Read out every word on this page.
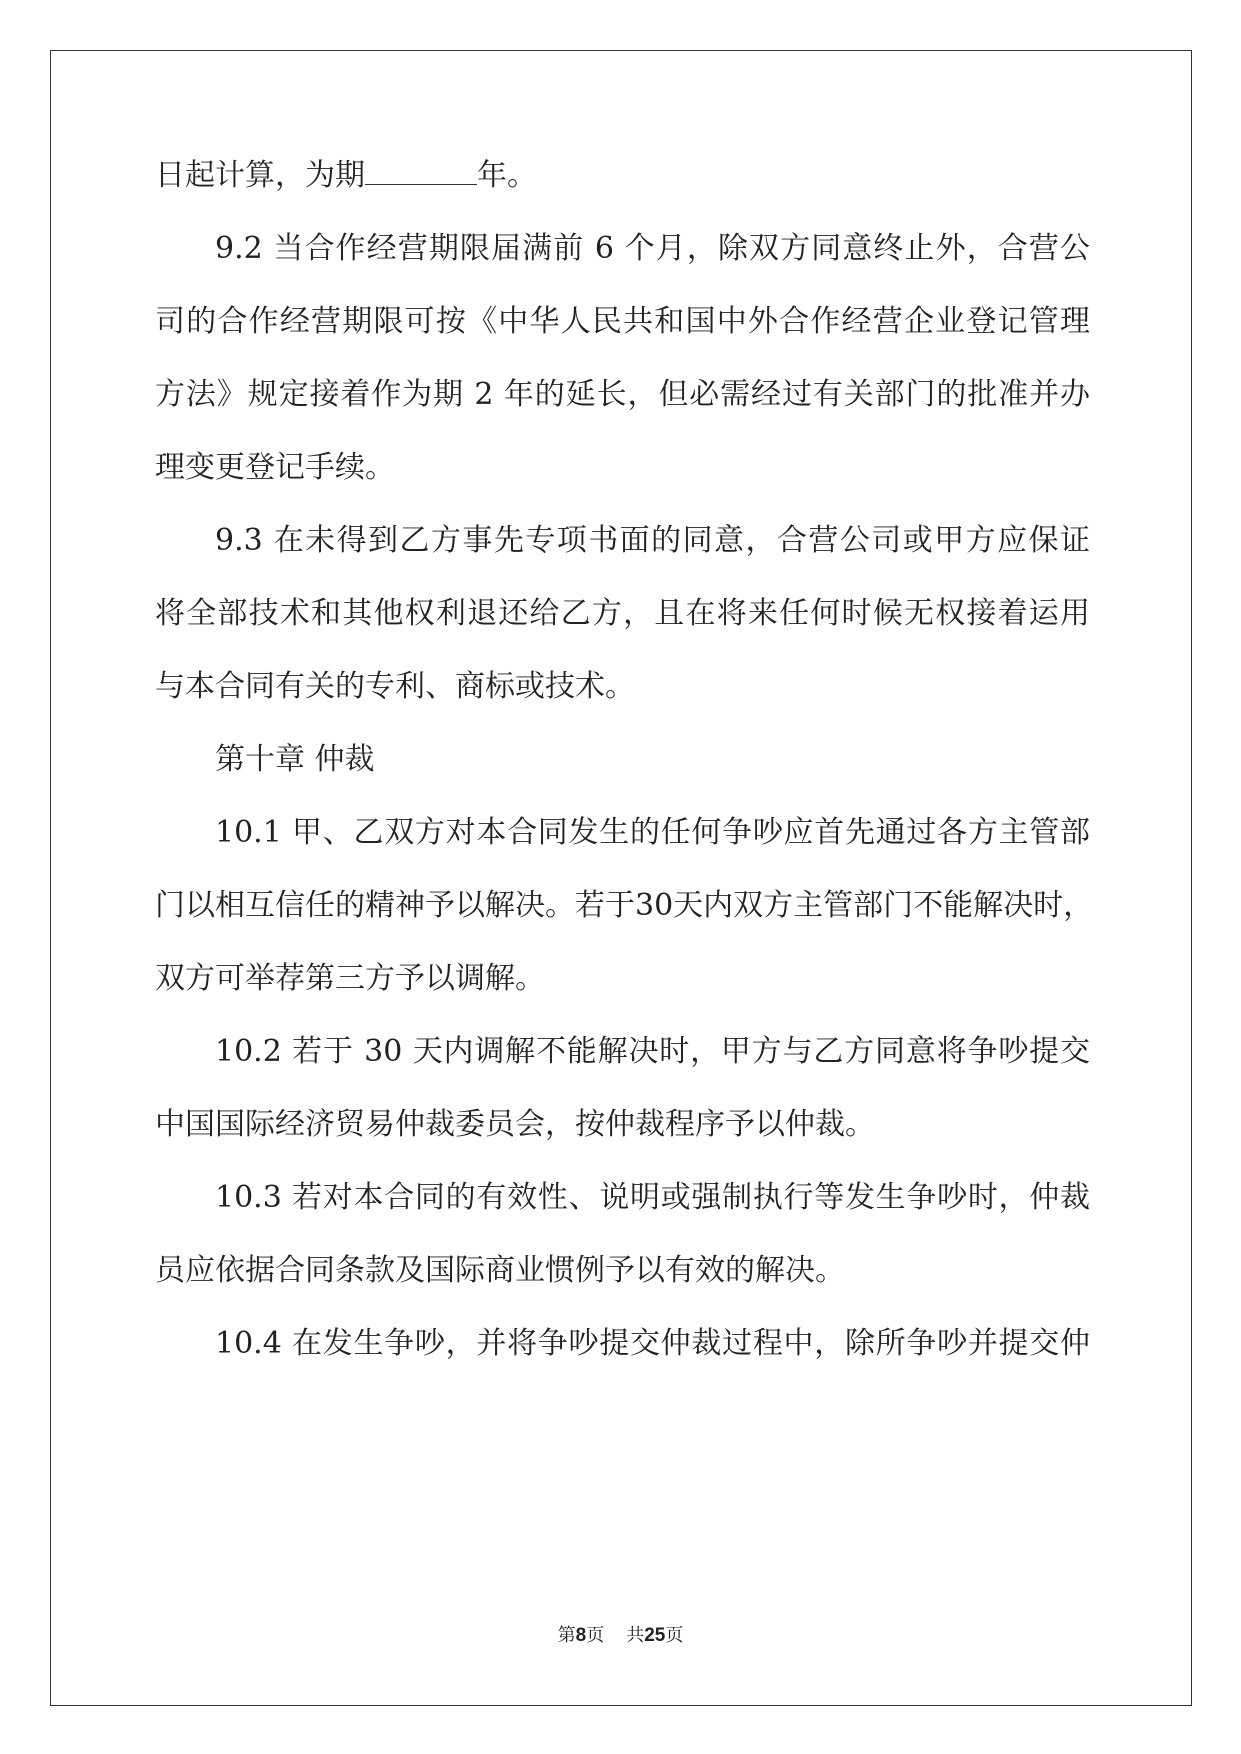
日起计算，为期	年。
9.2 当合作经营期限届满前 6 个月，除双方同意终止外，合营公
司的合作经营期限可按《中华人民共和国中外合作经营企业登记管理
方法》规定接着作为期 2 年的延长，但必需经过有关部门的批准并办
理变更登记手续。
9.3 在未得到乙方事先专项书面的同意，合营公司或甲方应保证
将全部技术和其他权利退还给乙方，且在将来任何时候无权接着运用
与本合同有关的专利、商标或技术。
第十章 仲裁
10.1 甲、乙双方对本合同发生的任何争吵应首先通过各方主管部
门以相互信任的精神予以解决。若于30天内双方主管部门不能解决时，
双方可举荐第三方予以调解。
10.2 若于 30 天内调解不能解决时，甲方与乙方同意将争吵提交
中国国际经济贸易仲裁委员会，按仲裁程序予以仲裁。
10.3 若对本合同的有效性、说明或强制执行等发生争吵时，仲裁
员应依据合同条款及国际商业惯例予以有效的解决。
10.4 在发生争吵，并将争吵提交仲裁过程中，除所争吵并提交仲
第8页 共25页
